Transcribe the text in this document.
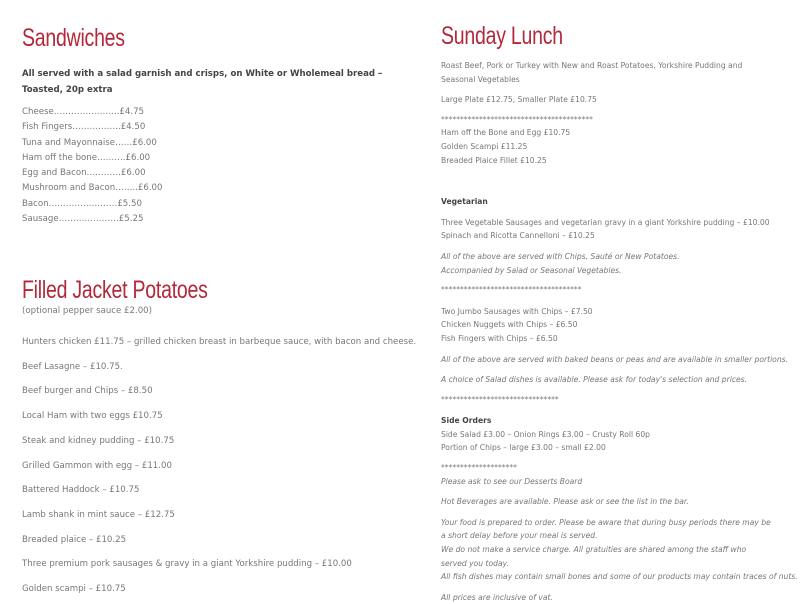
Sandwiches

All served with a salad garnish and crisps, on White or Wholemeal bread – Toasted, 20p extra

Cheese…………………..£4.75
Fish Fingers……………..£4.50
Tuna and Mayonnaise……£6.00
Ham off the bone……….£6.00
Egg and Bacon…………£6.00
Mushroom and Bacon……..£6.00
Bacon……………………£5.50
Sausage…………………£5.25
Filled Jacket Potatoes
(optional pepper sauce £2.00)
Hunters chicken £11.75 – grilled chicken breast in barbeque sauce, with bacon and cheese.
Beef Lasagne – £10.75.
Beef burger and Chips – £8.50
Local Ham with two eggs £10.75
Steak and kidney pudding – £10.75
Grilled Gammon with egg – £11.00
Battered Haddock – £10.75
Lamb shank in mint sauce – £12.75
Breaded plaice – £10.25
Three premium pork sausages & gravy in a giant Yorkshire pudding – £10.00
Golden scampi – £10.75
Sunday Lunch

Roast Beef, Pork or Turkey with New and Roast Potatoes, Yorkshire Pudding and Seasonal Vegetables

Large Plate £12.75, Smaller Plate £10.75

****************************************

Ham off the Bone and Egg £10.75

Golden Scampi £11.25

Breaded Plaice Fillet £10.25

Vegetarian

Three Vegetable Sausages and vegetarian gravy in a giant Yorkshire pudding – £10.00

Spinach and Ricotta Cannelloni – £10.25

All of the above are served with Chips, Sauté or New Potatoes.

Accompanied by Salad or Seasonal Vegetables.

*************************************

Two Jumbo Sausages with Chips – £7.50

Chicken Nuggets with Chips – £6.50

Fish Fingers with Chips – £6.50

All of the above are served with baked beans or peas and are available in smaller portions.

A choice of Salad dishes is available. Please ask for today's selection and prices.

*******************************

Side Orders

Side Salad £3.00 – Onion Rings £3.00 – Crusty Roll 60p

Portion of Chips – large £3.00 – small £2.00

********************

Please ask to see our Desserts Board

Hot Beverages are available. Please ask or see the list in the bar.

Your food is prepared to order. Please be aware that during busy periods there may be a short delay before your meal is served.

We do not make a service charge. All gratuities are shared among the staff who served you today.

All fish dishes may contain small bones and some of our products may contain traces of nuts.

All prices are inclusive of vat.
